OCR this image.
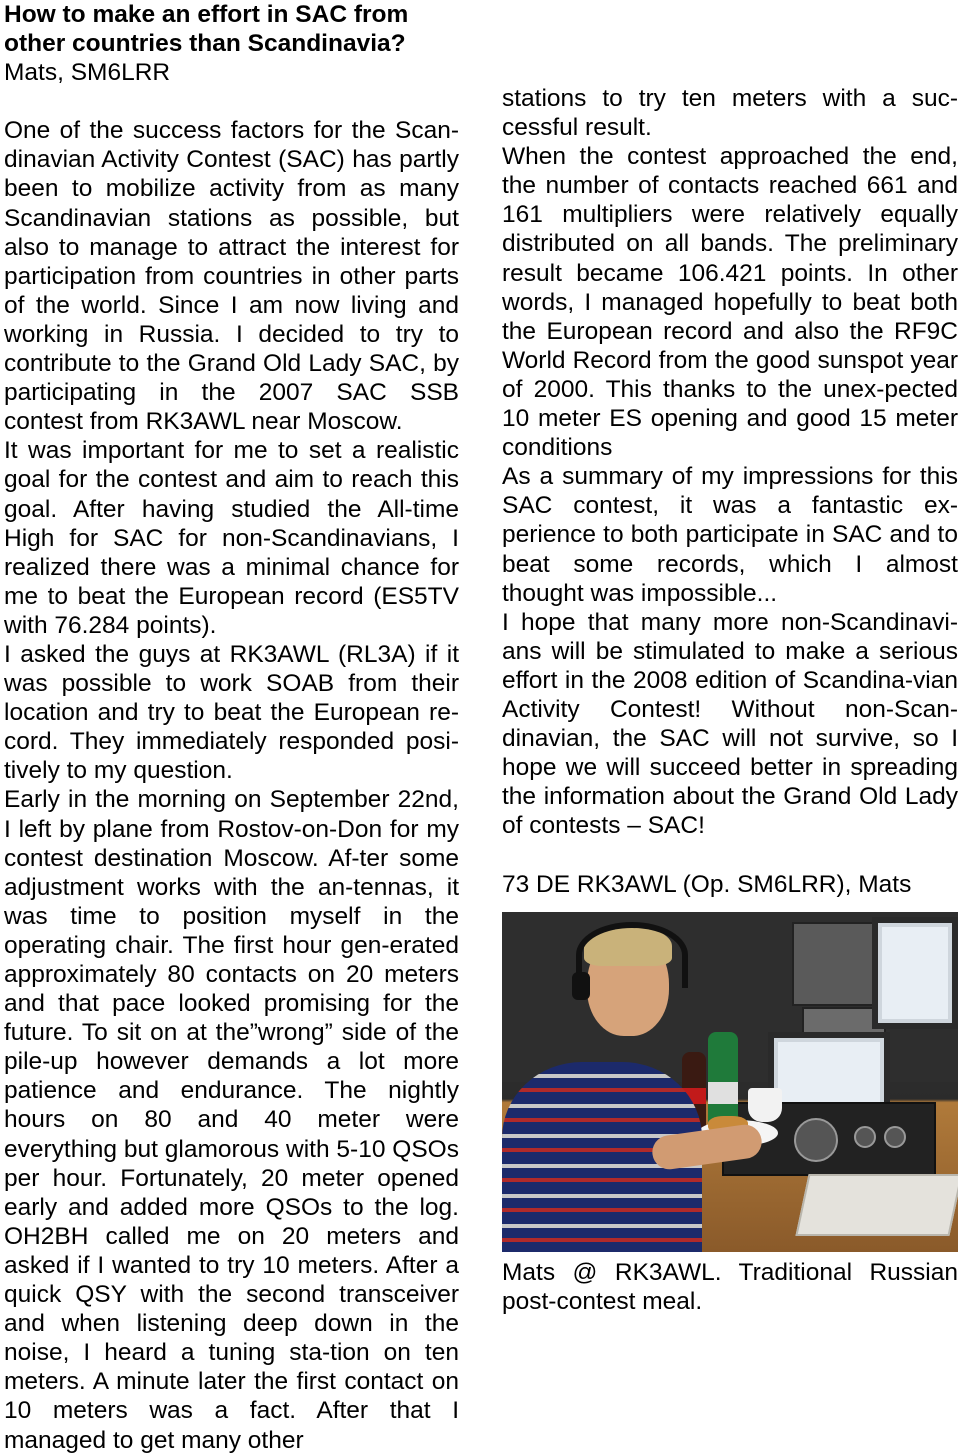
How to make an effort in SAC from other countries than Scandinavia?

Mats, SM6LRR

One of the success factors for the Scan-dinavian Activity Contest (SAC) has partly been to mobilize activity from as many Scandinavian stations as possible, but also to manage to attract the interest for participation from countries in other parts of the world. Since I am now living and working in Russia. I decided to try to contribute to the Grand Old Lady SAC, by participating in the 2007 SAC SSB contest from RK3AWL near Moscow.

It was important for me to set a realistic goal for the contest and aim to reach this goal. After having studied the All-time High for SAC for non-Scandinavians, I realized there was a minimal chance for me to beat the European record (ES5TV with 76.284 points).

I asked the guys at RK3AWL (RL3A) if it was possible to work SOAB from their location and try to beat the European re-cord. They immediately responded posi-tively to my question.

Early in the morning on September 22nd, I left by plane from Rostov-on-Don for my contest destination Moscow. Af-ter some adjustment works with the an-tennas, it was time to position myself in the operating chair. The first hour gen-erated approximately 80 contacts on 20 meters and that pace looked promising for the future. To sit on at the”wrong” side of the pile-up however demands a lot more patience and endurance. The nightly hours on 80 and 40 meter were everything but glamorous with 5-10 QSOs per hour. Fortunately, 20 meter opened early and added more QSOs to the log. OH2BH called me on 20 meters and asked if I wanted to try 10 meters. After a quick QSY with the second transceiver and when listening deep down in the noise, I heard a tuning sta-tion on ten meters. A minute later the first contact on 10 meters was a fact. After that I managed to get many other

stations to try ten meters with a suc-cessful result.

When the contest approached the end, the number of contacts reached 661 and 161 multipliers were relatively equally distributed on all bands. The preliminary result became 106.421 points. In other words, I managed hopefully to beat both the European record and also the RF9C World Record from the good sunspot year of 2000. This thanks to the unex-pected 10 meter ES opening and good 15 meter conditions

As a summary of my impressions for this SAC contest, it was a fantastic ex-perience to both participate in SAC and to beat some records, which I almost thought was impossible...

I hope that many more non-Scandinavi-ans will be stimulated to make a serious effort in the 2008 edition of Scandina-vian Activity Contest! Without non-Scan-dinavian, the SAC will not survive, so I hope we will succeed better in spreading the information about the Grand Old Lady of contests – SAC!

73 DE RK3AWL (Op. SM6LRR), Mats

Mats @ RK3AWL. Traditional Russian post-contest meal.
